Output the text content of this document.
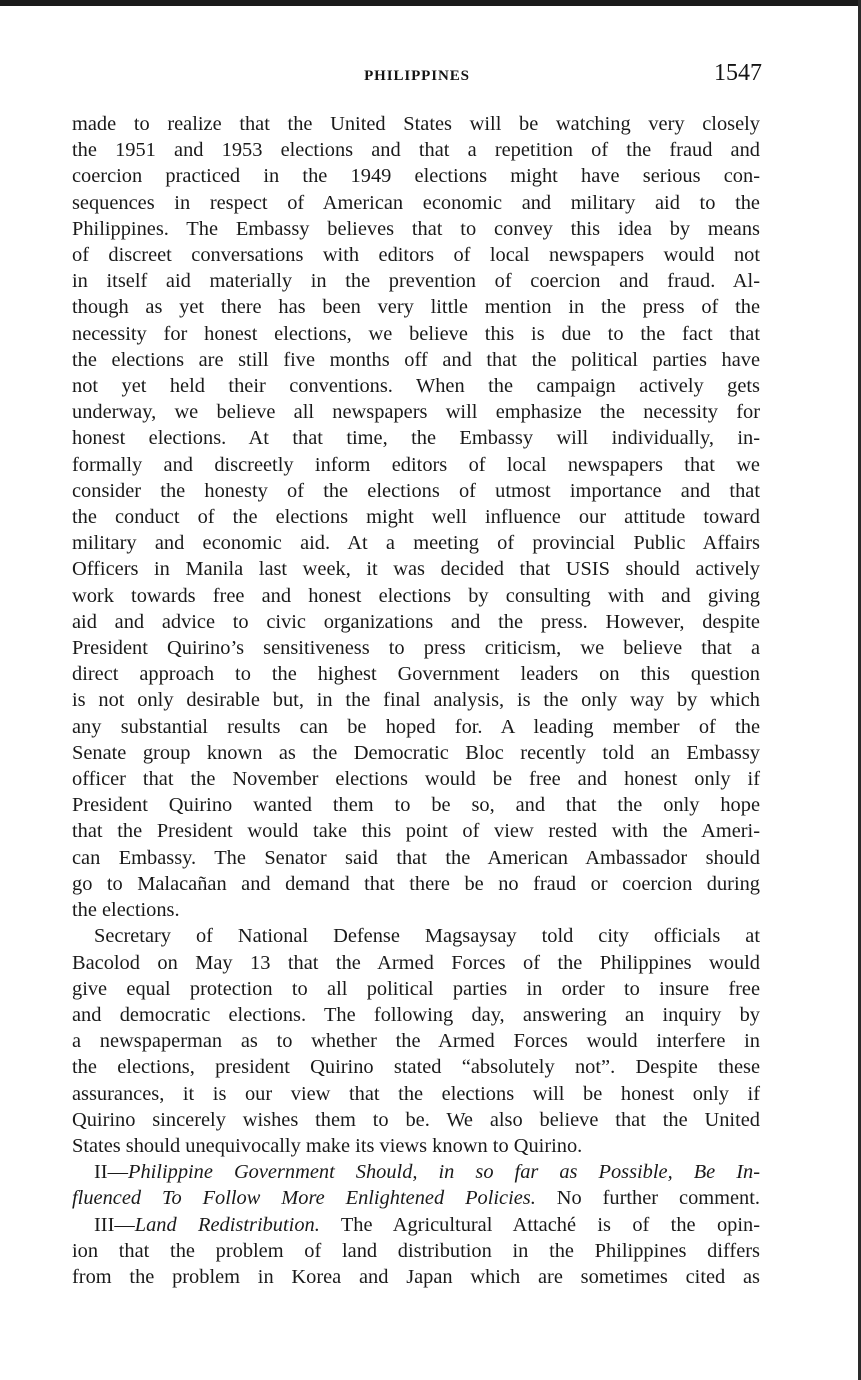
PHILIPPINES	1547
made to realize that the United States will be watching very closely
the 1951 and 1953 elections and that a repetition of the fraud and
coercion practiced in the 1949 elections might have serious con-
sequences in respect of American economic and military aid to the
Philippines. The Embassy believes that to convey this idea by means
of discreet conversations with editors of local newspapers would not
in itself aid materially in the prevention of coercion and fraud. Al-
though as yet there has been very little mention in the press of the
necessity for honest elections, we believe this is due to the fact that
the elections are still five months off and that the political parties have
not yet held their conventions. When the campaign actively gets
underway, we believe all newspapers will emphasize the necessity for
honest elections. At that time, the Embassy will individually, in-
formally and discreetly inform editors of local newspapers that we
consider the honesty of the elections of utmost importance and that
the conduct of the elections might well influence our attitude toward
military and economic aid. At a meeting of provincial Public Affairs
Officers in Manila last week, it was decided that USIS should actively
work towards free and honest elections by consulting with and giving
aid and advice to civic organizations and the press. However, despite
President Quirino’s sensitiveness to press criticism, we believe that a
direct approach to the highest Government leaders on this question
is not only desirable but, in the final analysis, is the only way by which
any substantial results can be hoped for. A leading member of the
Senate group known as the Democratic Bloc recently told an Embassy
officer that the November elections would be free and honest only if
President Quirino wanted them to be so, and that the only hope
that the President would take this point of view rested with the Ameri-
can Embassy. The Senator said that the American Ambassador should
go to Malacañan and demand that there be no fraud or coercion during
the elections.
Secretary of National Defense Magsaysay told city officials at
Bacolod on May 13 that the Armed Forces of the Philippines would
give equal protection to all political parties in order to insure free
and democratic elections. The following day, answering an inquiry by
a newspaperman as to whether the Armed Forces would interfere in
the elections, president Quirino stated “absolutely not”. Despite these
assurances, it is our view that the elections will be honest only if
Quirino sincerely wishes them to be. We also believe that the United
States should unequivocally make its views known to Quirino.
II—Philippine Government Should, in so far as Possible, Be In-
fluenced To Follow More Enlightened Policies. No further comment.
III—Land Redistribution. The Agricultural Attaché is of the opin-
ion that the problem of land distribution in the Philippines differs
from the problem in Korea and Japan which are sometimes cited as
